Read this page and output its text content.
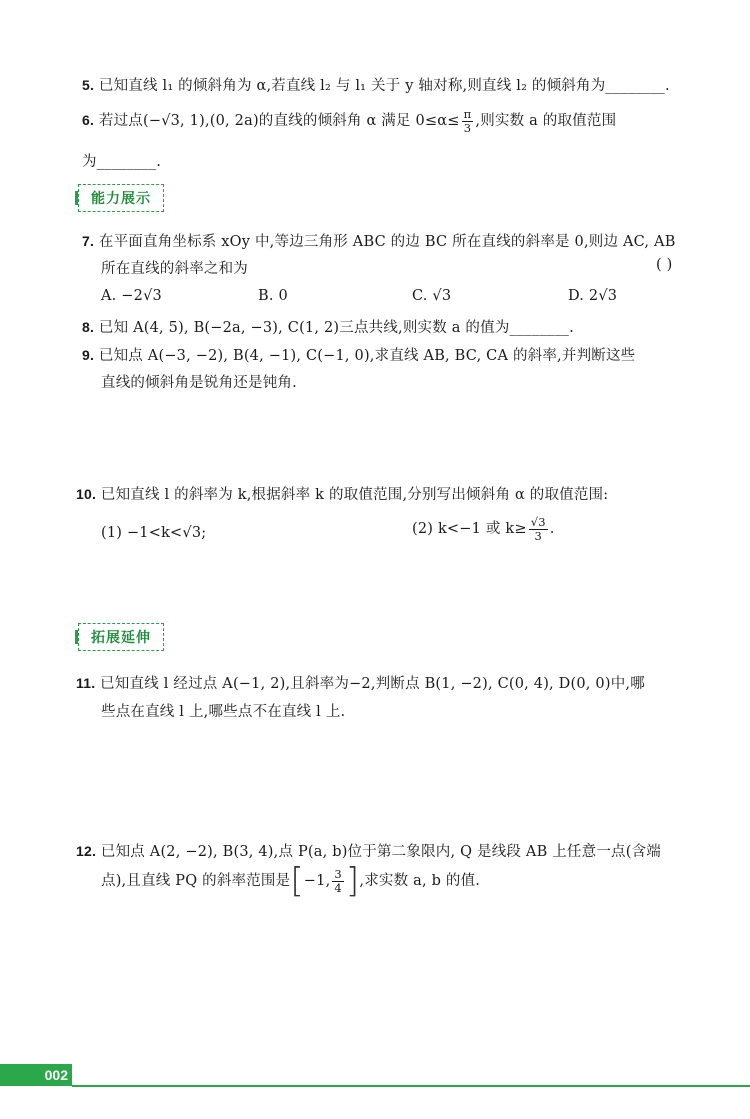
5. 已知直线 l₁ 的倾斜角为 α,若直线 l₂ 与 l₁ 关于 y 轴对称,则直线 l₂ 的倾斜角为________.
6. 若过点(−√3, 1),(0, 2a)的直线的倾斜角 α 满足 $0\le\alpha\le \frac{\pi}{3}$ ,则实数 a 的取值范围
为________.
能力展示
7. 在平面直角坐标系 xOy 中,等边三角形 ABC 的边 BC 所在直线的斜率是 0,则边 AC, AB
所在直线的斜率之和为	( )
A. −2√3	B. 0	C. √3	D. 2√3
8. 已知 A(4, 5), B(−2a, −3), C(1, 2)三点共线,则实数 a 的值为________.
9. 已知点 A(−3, −2), B(4, −1), C(−1, 0),求直线 AB, BC, CA 的斜率,并判断这些
直线的倾斜角是锐角还是钝角.
10. 已知直线 l 的斜率为 k,根据斜率 k 的取值范围,分别写出倾斜角 α 的取值范围:
(1) −1<k<√3;	(2) k<−1 或 $k\ge \frac{√3}{3}$ .
拓展延伸
11. 已知直线 l 经过点 A(−1, 2),且斜率为−2,判断点 B(1, −2), C(0, 4), D(0, 0)中,哪
些点在直线 l 上,哪些点不在直线 l 上.
12. 已知点 A(2, −2), B(3, 4),点 P(a, b)位于第二象限内, Q 是线段 AB 上任意一点(含端
点),且直线 PQ 的斜率范围是[−1, $\frac{3}{4}$ ],求实数 a, b 的值.
002
